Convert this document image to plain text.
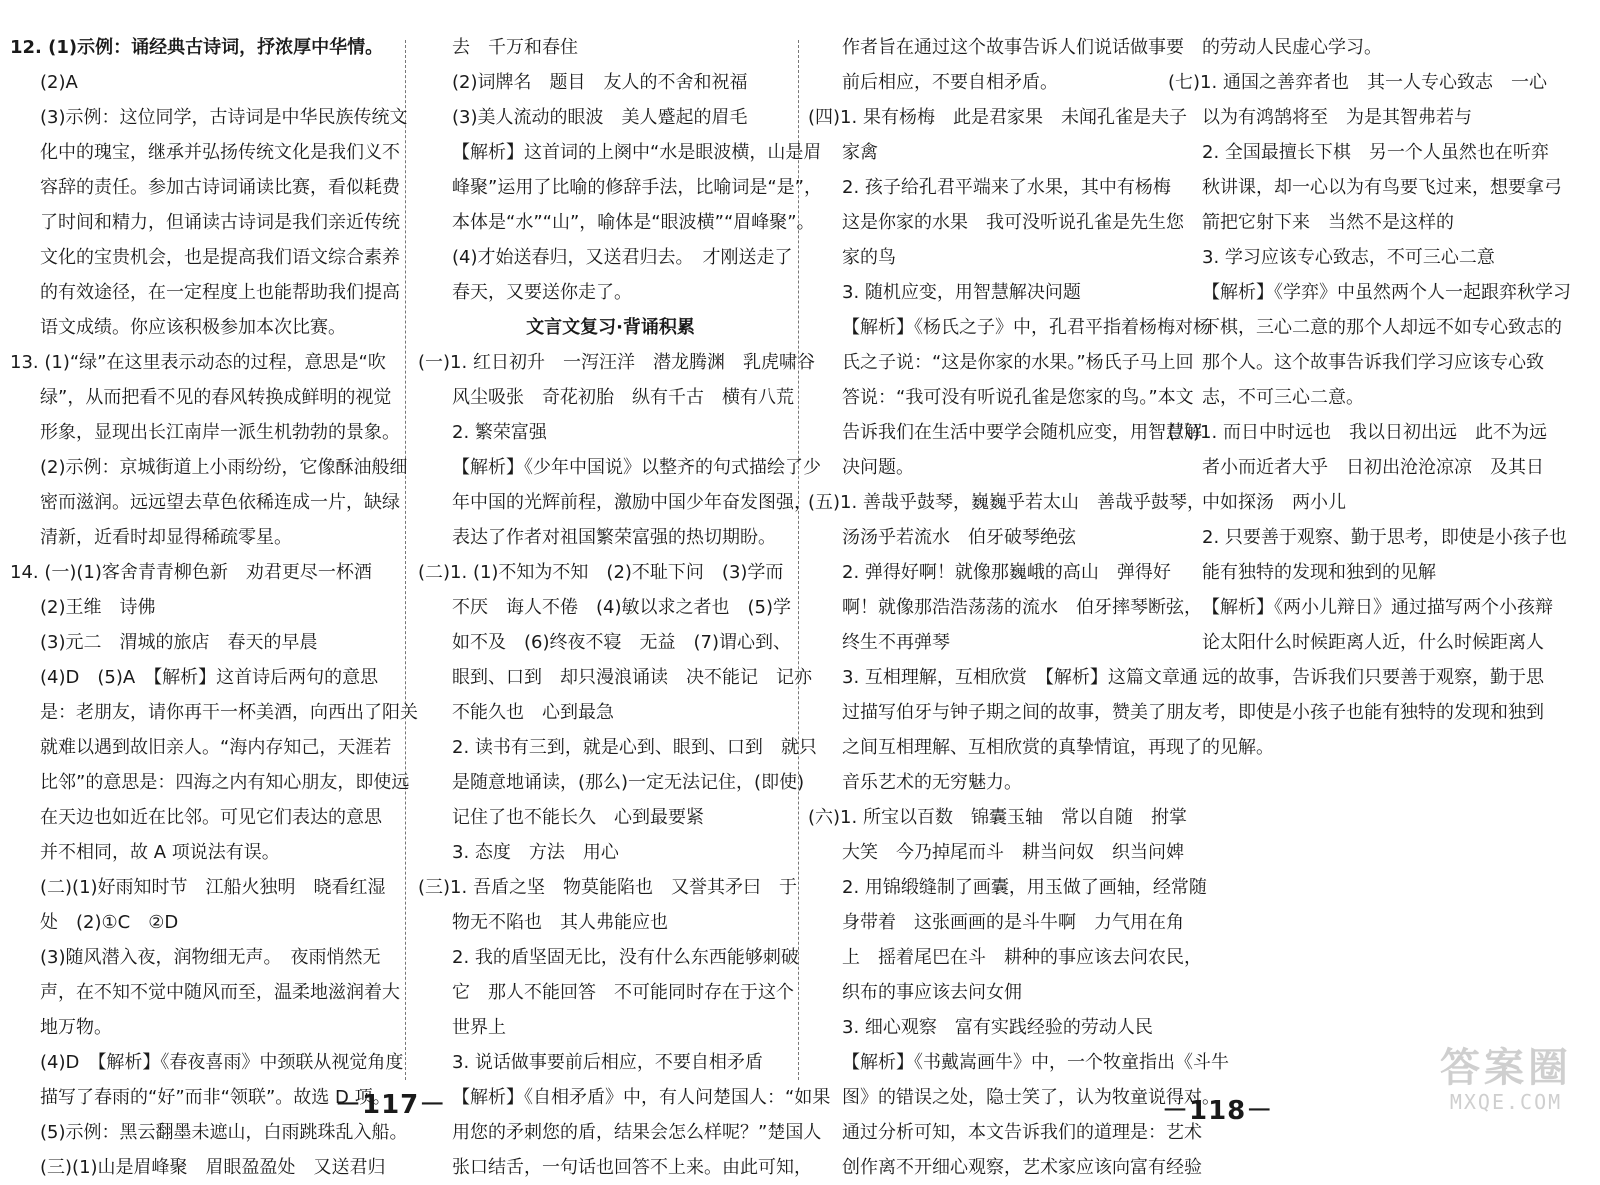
12. (1)示例：诵经典古诗词，抒浓厚中华情。
(2)A
(3)示例：这位同学，古诗词是中华民族传统文
化中的瑰宝，继承并弘扬传统文化是我们义不
容辞的责任。参加古诗词诵读比赛，看似耗费
了时间和精力，但诵读古诗词是我们亲近传统
文化的宝贵机会，也是提高我们语文综合素养
的有效途径，在一定程度上也能帮助我们提高
语文成绩。你应该积极参加本次比赛。
13. (1)“绿”在这里表示动态的过程，意思是“吹
绿”，从而把看不见的春风转换成鲜明的视觉
形象，显现出长江南岸一派生机勃勃的景象。
(2)示例：京城街道上小雨纷纷，它像酥油般细
密而滋润。远远望去草色依稀连成一片，缺绿
清新，近看时却显得稀疏零星。
14. (一)(1)客舍青青柳色新　劝君更尽一杯酒
(2)王维　诗佛
(3)元二　渭城的旅店　春天的早晨
(4)D　(5)A　【解析】这首诗后两句的意思
是：老朋友，请你再干一杯美酒，向西出了阳关
就难以遇到故旧亲人。“海内存知己，天涯若
比邻”的意思是：四海之内有知心朋友，即使远
在天边也如近在比邻。可见它们表达的意思
并不相同，故 A 项说法有误。
(二)(1)好雨知时节　江船火独明　晓看红湿
处　(2)①C　②D
(3)随风潜入夜，润物细无声。　夜雨悄然无
声，在不知不觉中随风而至，温柔地滋润着大
地万物。
(4)D　【解析】《春夜喜雨》中颈联从视觉角度
描写了春雨的“好”而非“领联”。故选 D 项。
(5)示例：黑云翻墨未遮山，白雨跳珠乱入船。
(三)(1)山是眉峰聚　眉眼盈盈处　又送君归
去　千万和春住
(2)词牌名　题目　友人的不舍和祝福
(3)美人流动的眼波　美人蹙起的眉毛
【解析】这首词的上阕中“水是眼波横，山是眉
峰聚”运用了比喻的修辞手法，比喻词是“是”，
本体是“水”“山”，喻体是“眼波横”“眉峰聚”。
(4)才始送春归，又送君归去。　才刚送走了
春天，又要送你走了。
文言文复习·背诵积累
(一)1. 红日初升　一泻汪洋　潜龙腾渊　乳虎啸谷
风尘吸张　奇花初胎　纵有千古　横有八荒
2. 繁荣富强
【解析】《少年中国说》以整齐的句式描绘了少
年中国的光辉前程，激励中国少年奋发图强，
表达了作者对祖国繁荣富强的热切期盼。
(二)1. (1)不知为不知　(2)不耻下问　(3)学而
不厌　诲人不倦　(4)敏以求之者也　(5)学
如不及　(6)终夜不寝　无益　(7)谓心到、
眼到、口到　却只漫浪诵读　决不能记　记亦
不能久也　心到最急
2. 读书有三到，就是心到、眼到、口到　就只
是随意地诵读，(那么)一定无法记住，(即使)
记住了也不能长久　心到最要紧
3. 态度　方法　用心
(三)1. 吾盾之坚　物莫能陷也　又誉其矛曰　于
物无不陷也　其人弗能应也
2. 我的盾坚固无比，没有什么东西能够刺破
它　那人不能回答　不可能同时存在于这个
世界上
3. 说话做事要前后相应，不要自相矛盾
【解析】《自相矛盾》中，有人问楚国人：“如果
用您的矛刺您的盾，结果会怎么样呢？”楚国人
张口结舌，一句话也回答不上来。由此可知，
作者旨在通过这个故事告诉人们说话做事要
前后相应，不要自相矛盾。
(四)1. 果有杨梅　此是君家果　未闻孔雀是夫子
家禽
2. 孩子给孔君平端来了水果，其中有杨梅
这是你家的水果　我可没听说孔雀是先生您
家的鸟
3. 随机应变，用智慧解决问题
【解析】《杨氏之子》中，孔君平指着杨梅对杨
氏之子说：“这是你家的水果。”杨氏子马上回
答说：“我可没有听说孔雀是您家的鸟。”本文
告诉我们在生活中要学会随机应变，用智慧解
决问题。
(五)1. 善哉乎鼓琴，巍巍乎若太山　善哉乎鼓琴，
汤汤乎若流水　伯牙破琴绝弦
2. 弹得好啊！就像那巍峨的高山　弹得好
啊！就像那浩浩荡荡的流水　伯牙摔琴断弦，
终生不再弹琴
3. 互相理解，互相欣赏　【解析】这篇文章通
过描写伯牙与钟子期之间的故事，赞美了朋友
之间互相理解、互相欣赏的真挚情谊，再现了
音乐艺术的无穷魅力。
(六)1. 所宝以百数　锦囊玉轴　常以自随　拊掌
大笑　今乃掉尾而斗　耕当问奴　织当问婢
2. 用锦缎缝制了画囊，用玉做了画轴，经常随
身带着　这张画画的是斗牛啊　力气用在角
上　摇着尾巴在斗　耕种的事应该去问农民，
织布的事应该去问女佣
3. 细心观察　富有实践经验的劳动人民
【解析】《书戴嵩画牛》中，一个牧童指出《斗牛
图》的错误之处，隐士笑了，认为牧童说得对。
通过分析可知，本文告诉我们的道理是：艺术
创作离不开细心观察，艺术家应该向富有经验
的劳动人民虚心学习。
(七)1. 通国之善弈者也　其一人专心致志　一心
以为有鸿鹄将至　为是其智弗若与
2. 全国最擅长下棋　另一个人虽然也在听弈
秋讲课，却一心以为有鸟要飞过来，想要拿弓
箭把它射下来　当然不是这样的
3. 学习应该专心致志，不可三心二意
【解析】《学弈》中虽然两个人一起跟弈秋学习
下棋，三心二意的那个人却远不如专心致志的
那个人。这个故事告诉我们学习应该专心致
志，不可三心二意。
(八)1. 而日中时远也　我以日初出远　此不为远
者小而近者大乎　日初出沧沧凉凉　及其日
中如探汤　两小儿
2. 只要善于观察、勤于思考，即使是小孩子也
能有独特的发现和独到的见解
【解析】《两小儿辩日》通过描写两个小孩辩
论太阳什么时候距离人近，什么时候距离人
远的故事，告诉我们只要善于观察，勤于思
考，即使是小孩子也能有独特的发现和独到
的见解。
－117－	－118－
答案圈
MXQE.COM
